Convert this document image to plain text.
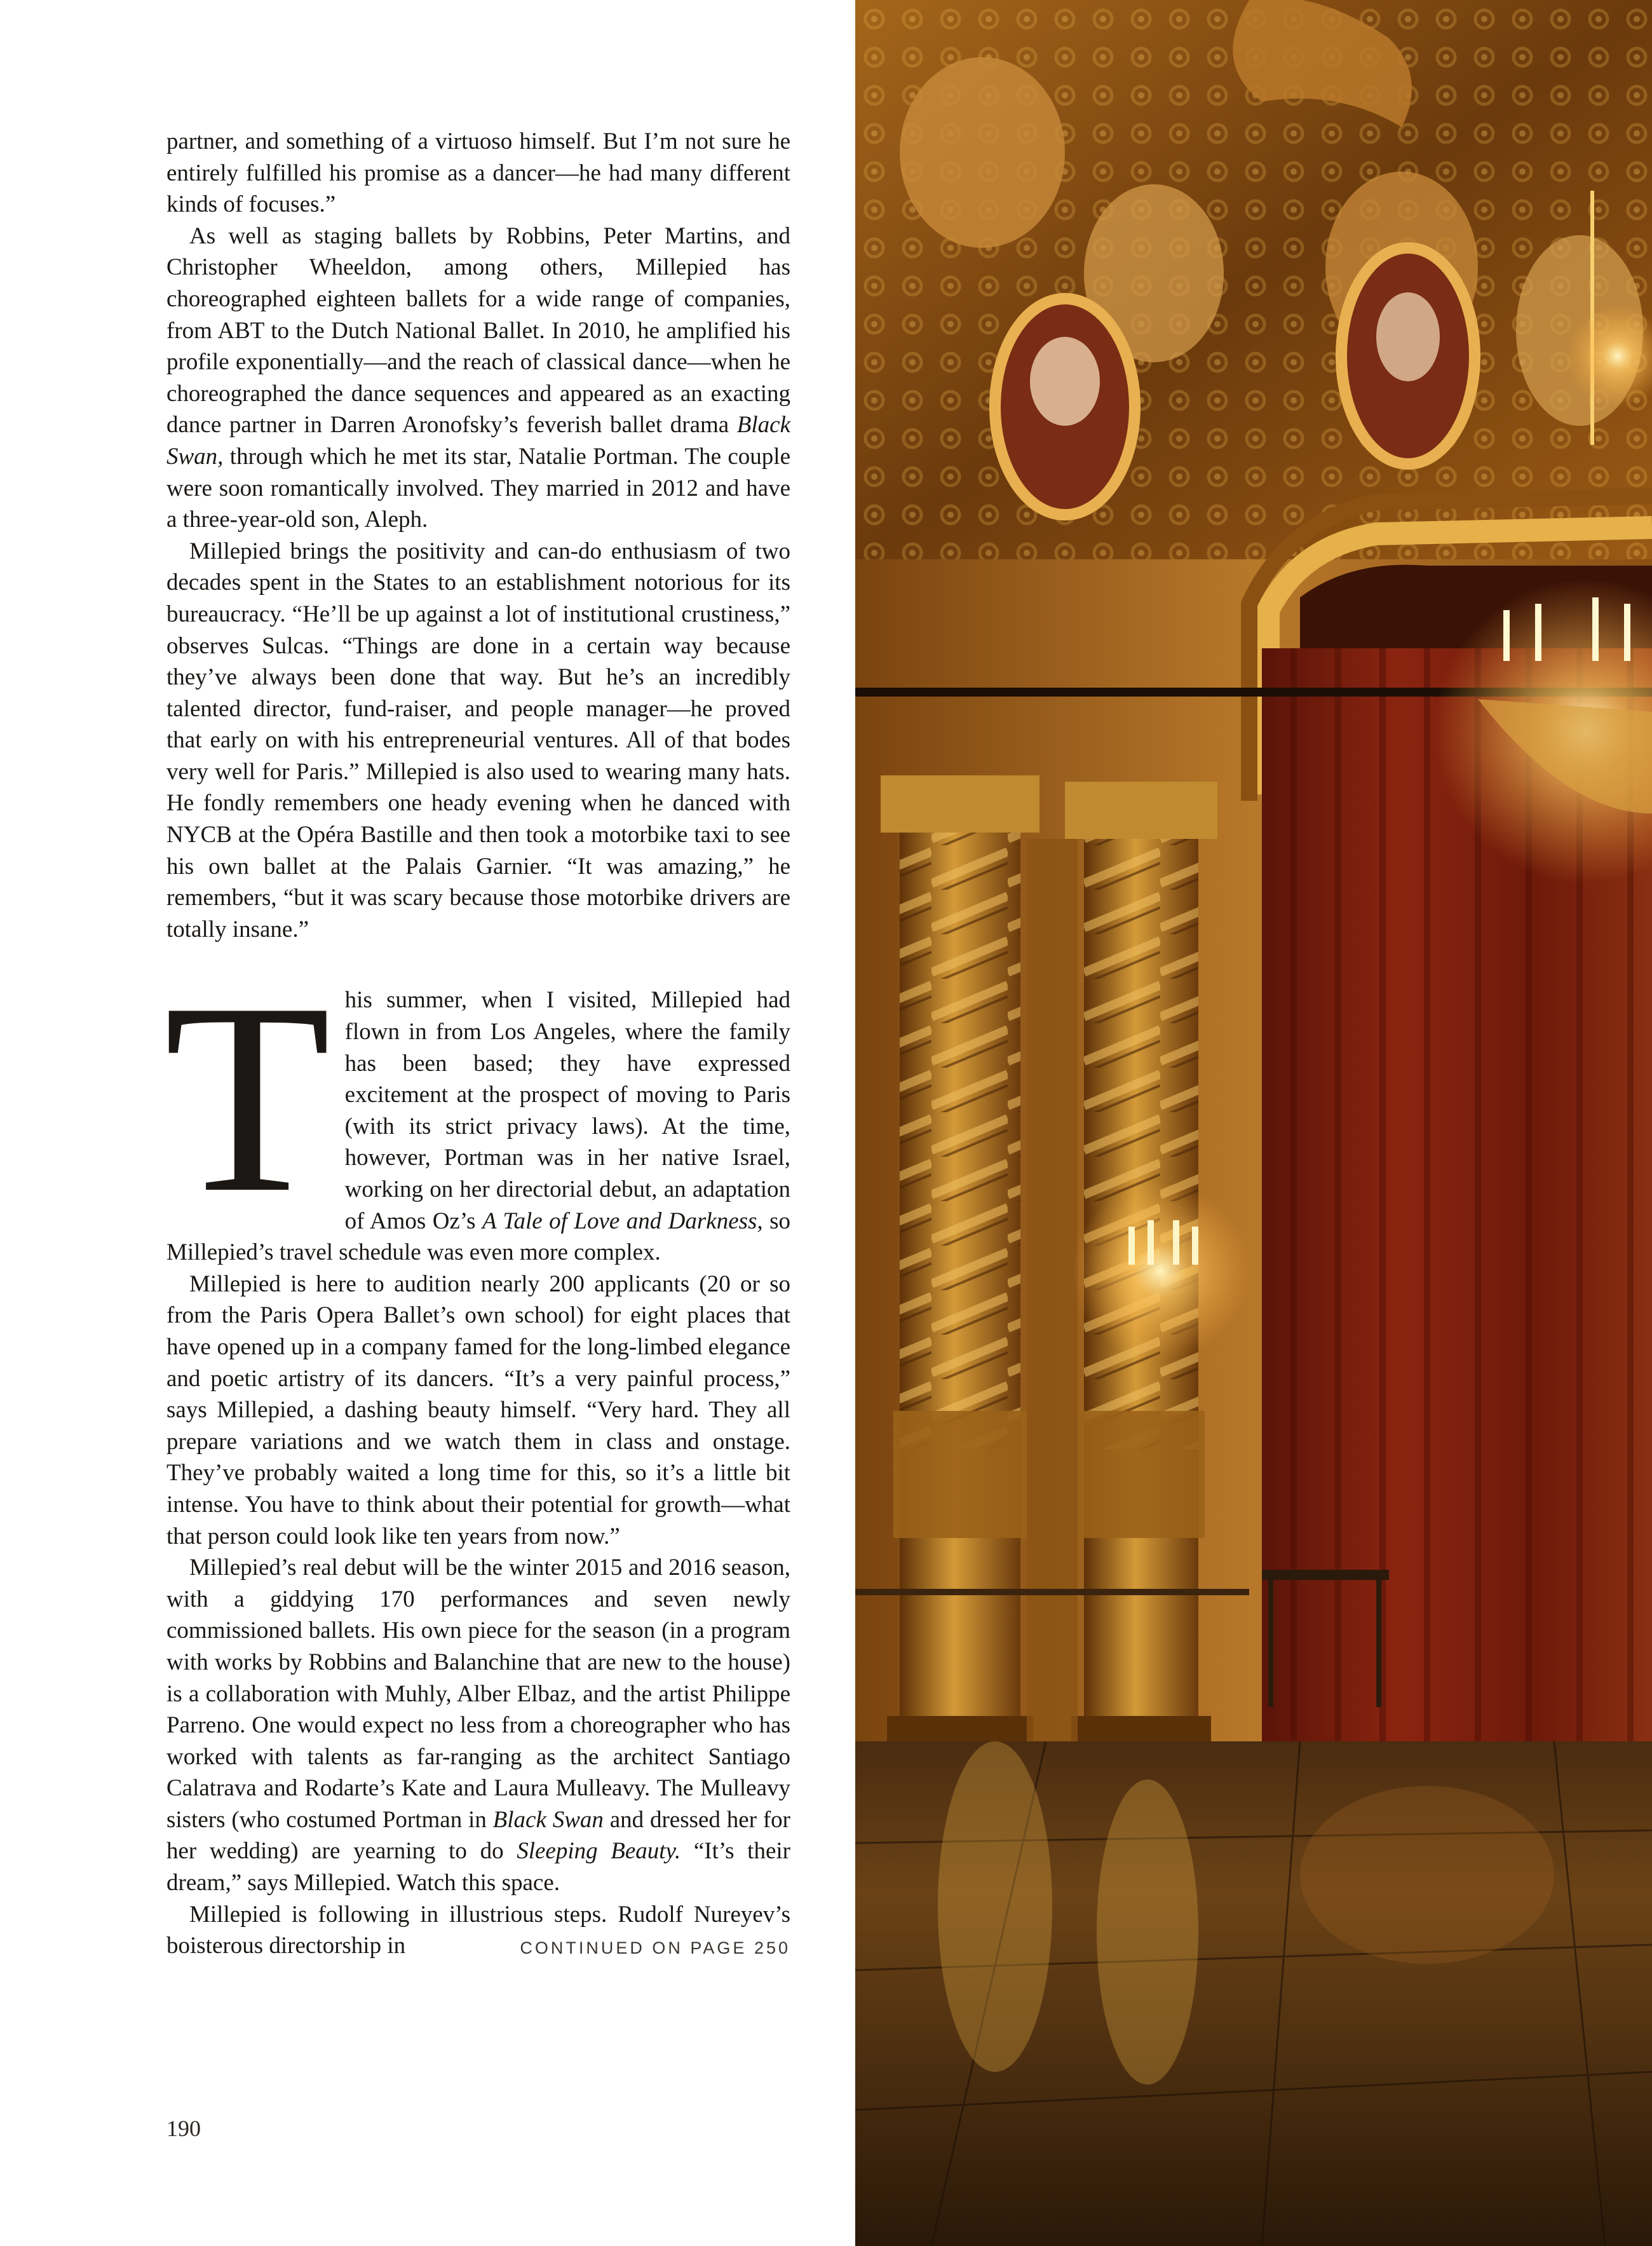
partner, and something of a virtuoso himself. But I’m not sure he entirely fulfilled his promise as a dancer—he had many different kinds of focuses.”

As well as staging ballets by Robbins, Peter Martins, and Christopher Wheeldon, among others, Millepied has choreographed eighteen ballets for a wide range of companies, from ABT to the Dutch National Ballet. In 2010, he amplified his profile exponentially—and the reach of classical dance—when he choreographed the dance sequences and appeared as an exacting dance partner in Darren Aronofsky’s feverish ballet drama Black Swan, through which he met its star, Natalie Portman. The couple were soon romantically involved. They married in 2012 and have a three-year-old son, Aleph.

Millepied brings the positivity and can-do enthusiasm of two decades spent in the States to an establishment notorious for its bureaucracy. “He’ll be up against a lot of institutional crustiness,” observes Sulcas. “Things are done in a certain way because they’ve always been done that way. But he’s an incredibly talented director, fund-raiser, and people manager—he proved that early on with his entrepreneurial ventures. All of that bodes very well for Paris.” Millepied is also used to wearing many hats. He fondly remembers one heady evening when he danced with NYCB at the Opéra Bastille and then took a motorbike taxi to see his own ballet at the Palais Garnier. “It was amazing,” he remembers, “but it was scary because those motorbike drivers are totally insane.”

This summer, when I visited, Millepied had flown in from Los Angeles, where the family has been based; they have expressed excitement at the prospect of moving to Paris (with its strict privacy laws). At the time, however, Portman was in her native Israel, working on her directorial debut, an adaptation of Amos Oz’s A Tale of Love and Darkness, so Millepied’s travel schedule was even more complex.

Millepied is here to audition nearly 200 applicants (20 or so from the Paris Opera Ballet’s own school) for eight places that have opened up in a company famed for the long-limbed elegance and poetic artistry of its dancers. “It’s a very painful process,” says Millepied, a dashing beauty himself. “Very hard. They all prepare variations and we watch them in class and onstage. They’ve probably waited a long time for this, so it’s a little bit intense. You have to think about their potential for growth—what that person could look like ten years from now.”

Millepied’s real debut will be the winter 2015 and 2016 season, with a giddying 170 performances and seven newly commissioned ballets. His own piece for the season (in a program with works by Robbins and Balanchine that are new to the house) is a collaboration with Muhly, Alber Elbaz, and the artist Philippe Parreno. One would expect no less from a choreographer who has worked with talents as far-ranging as the architect Santiago Calatrava and Rodarte’s Kate and Laura Mulleavy. The Mulleavy sisters (who costumed Portman in Black Swan and dressed her for her wedding) are yearning to do Sleeping Beauty. “It’s their dream,” says Millepied. Watch this space.

Millepied is following in illustrious steps. Rudolf Nureyev’s boisterous directorship in	CONTINUED ON PAGE 250

190
